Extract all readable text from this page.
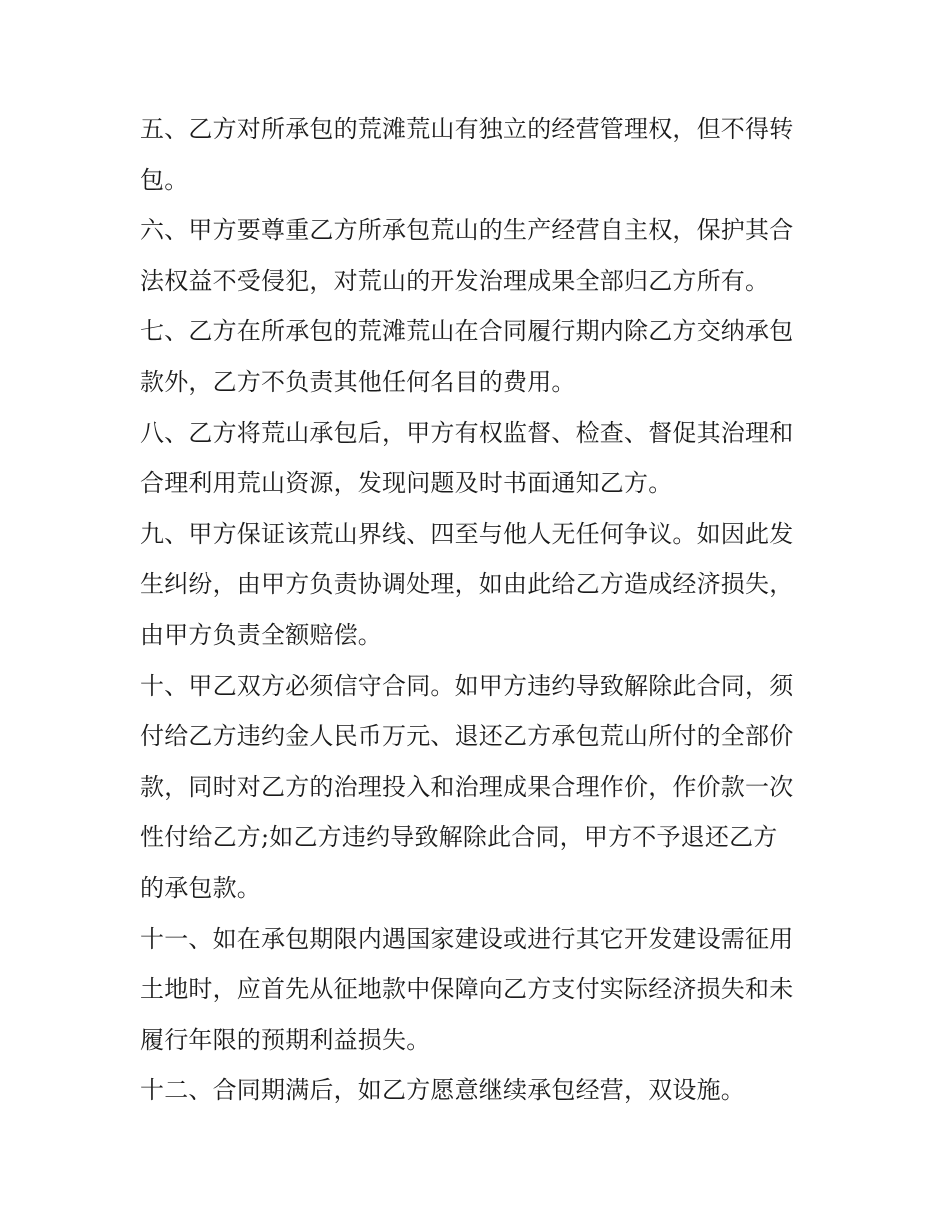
五、乙方对所承包的荒滩荒山有独立的经营管理权，但不得转
包。
六、甲方要尊重乙方所承包荒山的生产经营自主权，保护其合
法权益不受侵犯，对荒山的开发治理成果全部归乙方所有。
七、乙方在所承包的荒滩荒山在合同履行期内除乙方交纳承包
款外，乙方不负责其他任何名目的费用。
八、乙方将荒山承包后，甲方有权监督、检查、督促其治理和
合理利用荒山资源，发现问题及时书面通知乙方。
九、甲方保证该荒山界线、四至与他人无任何争议。如因此发
生纠纷，由甲方负责协调处理，如由此给乙方造成经济损失，
由甲方负责全额赔偿。
十、甲乙双方必须信守合同。如甲方违约导致解除此合同，须
付给乙方违约金人民币万元、退还乙方承包荒山所付的全部价
款，同时对乙方的治理投入和治理成果合理作价，作价款一次
性付给乙方;如乙方违约导致解除此合同，甲方不予退还乙方
的承包款。
十一、如在承包期限内遇国家建设或进行其它开发建设需征用
土地时，应首先从征地款中保障向乙方支付实际经济损失和未
履行年限的预期利益损失。
十二、合同期满后，如乙方愿意继续承包经营，双设施。
